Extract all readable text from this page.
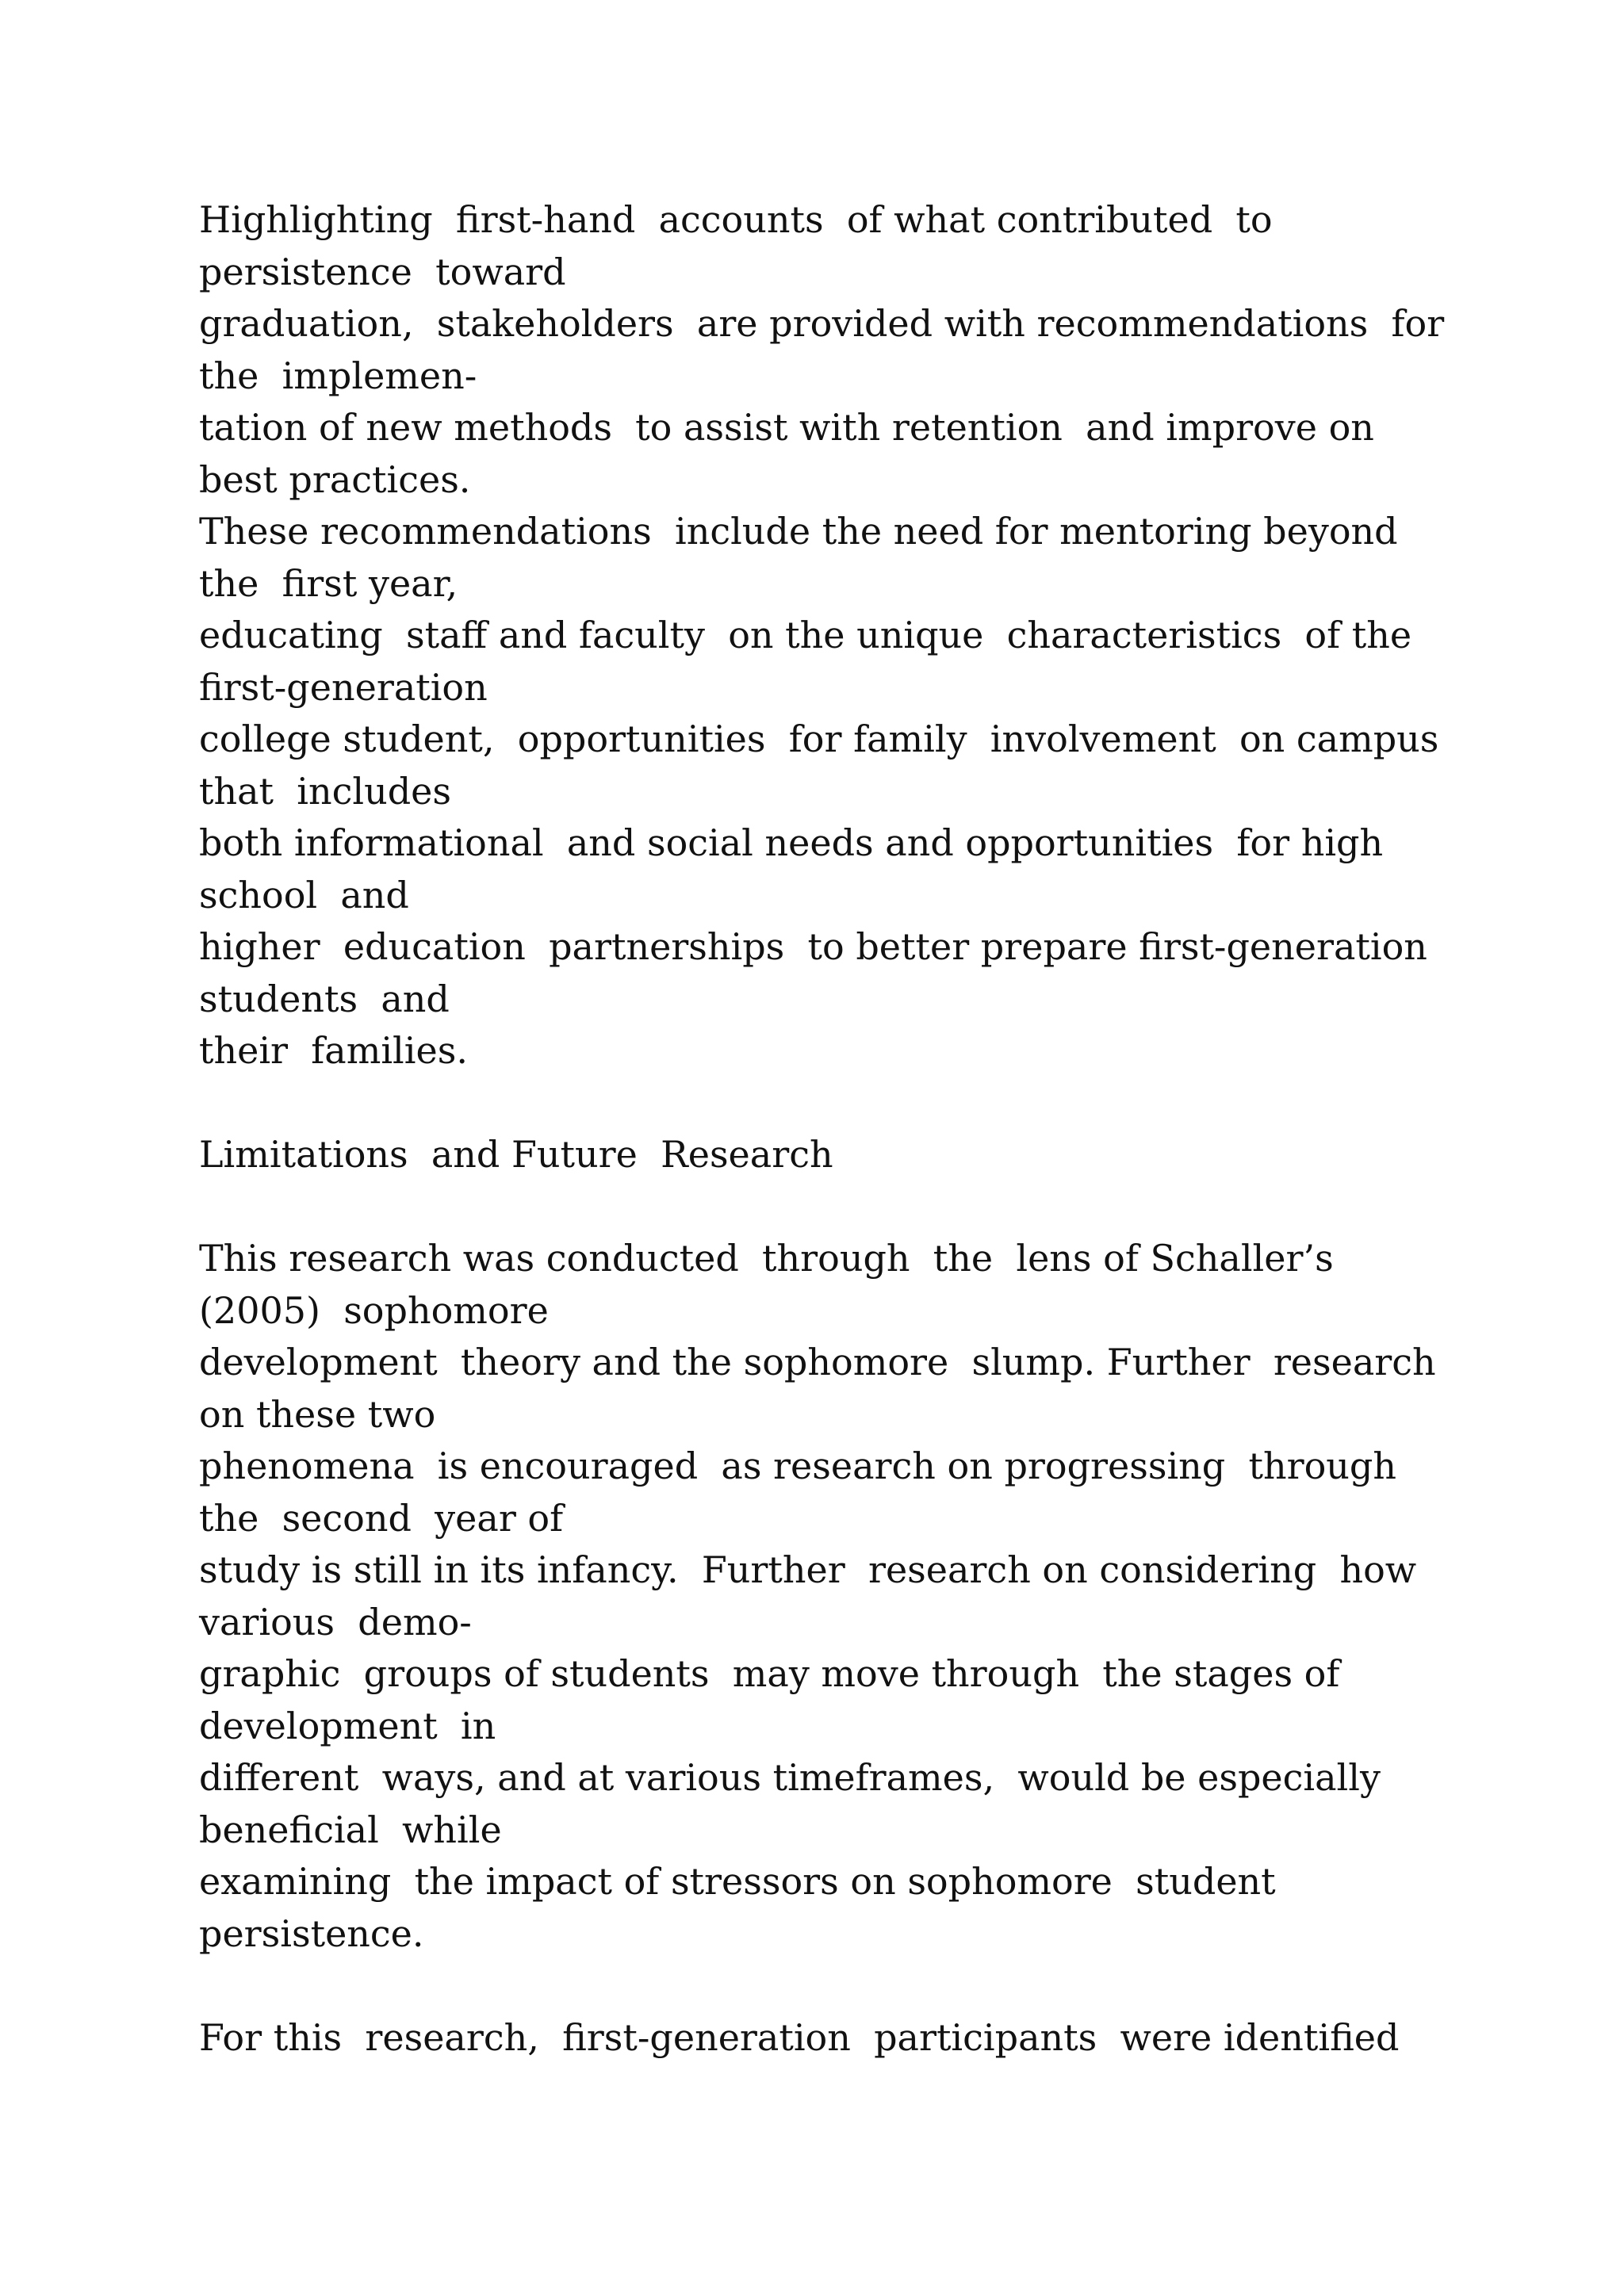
Highlighting  first-hand  accounts  of what contributed  to
persistence  toward
graduation,  stakeholders  are provided with recommendations  for
the  implemen-
tation of new methods  to assist with retention  and improve on
best practices.
These recommendations  include the need for mentoring beyond
the  first year,
educating  staff and faculty  on the unique  characteristics  of the
first-generation
college student,  opportunities  for family  involvement  on campus
that  includes
both informational  and social needs and opportunities  for high
school  and
higher  education  partnerships  to better prepare first-generation
students  and
their  families.
Limitations  and Future  Research
This research was conducted  through  the  lens of Schaller’s
(2005)  sophomore
development  theory and the sophomore  slump. Further  research
on these two
phenomena  is encouraged  as research on progressing  through
the  second  year of
study is still in its infancy.  Further  research on considering  how
various  demo-
graphic  groups of students  may move through  the stages of
development  in
different  ways, and at various timeframes,  would be especially
beneficial  while
examining  the impact of stressors on sophomore  student
persistence.
For this  research,  first-generation  participants  were identified
